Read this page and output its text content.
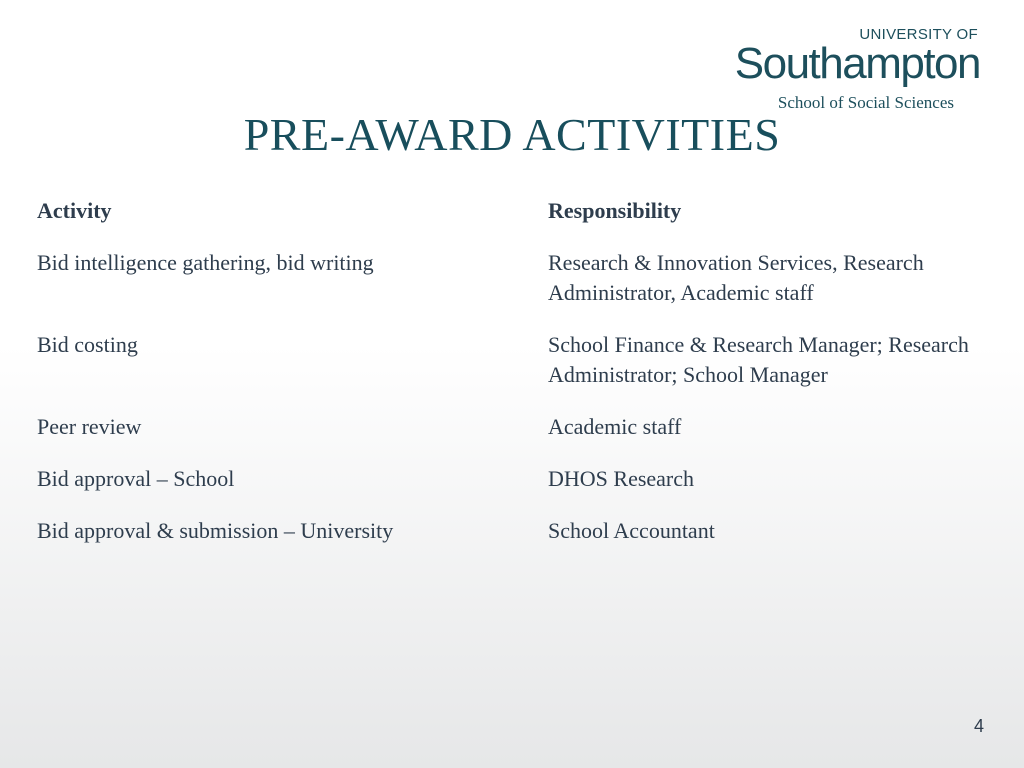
UNIVERSITY OF
Southampton
School of Social Sciences
PRE-AWARD ACTIVITIES
Activity	Responsibility
Bid intelligence gathering, bid writing	Research & Innovation Services, Research Administrator, Academic staff
Bid costing	School Finance & Research Manager; Research Administrator; School Manager
Peer review	Academic staff
Bid approval – School	DHOS Research
Bid approval & submission – University	School Accountant
4
